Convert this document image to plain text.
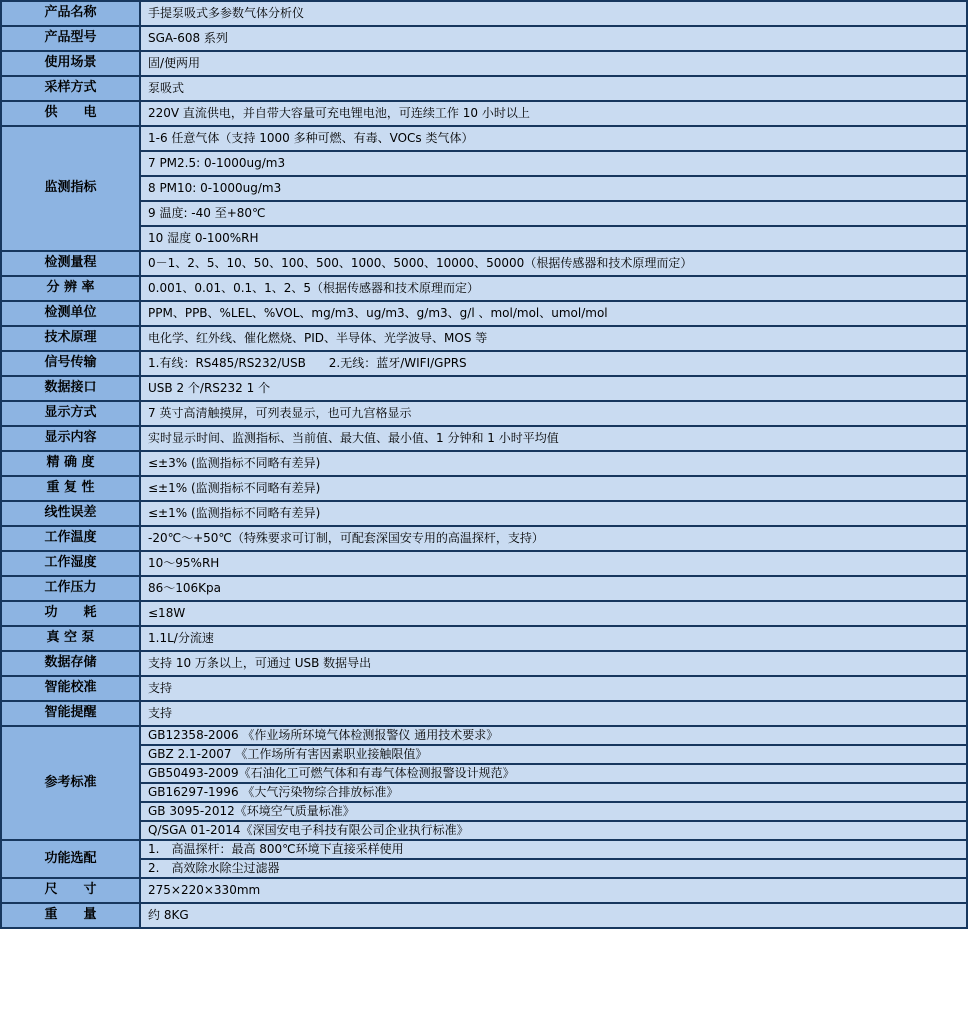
产品名称	手提泵吸式多参数气体分析仪
产品型号	SGA-608 系列
使用场景	固/便两用
采样方式	泵吸式
供　　电	220V 直流供电，并自带大容量可充电锂电池，可连续工作 10 小时以上
监测指标	1-6 任意气体（支持 1000 多种可燃、有毒、VOCs 类气体）
	7 PM2.5: 0-1000ug/m3
	8 PM10: 0-1000ug/m3
	9 温度: -40 至+80℃
	10 湿度 0-100%RH
检测量程	0－1、2、5、10、50、100、500、1000、5000、10000、50000（根据传感器和技术原理而定）
分 辨 率	0.001、0.01、0.1、1、2、5（根据传感器和技术原理而定）
检测单位	PPM、PPB、%LEL、%VOL、mg/m3、ug/m3、g/m3、g/l 、mol/mol、umol/mol
技术原理	电化学、红外线、催化燃烧、PID、半导体、光学波导、MOS 等
信号传输	1.有线：RS485/RS232/USB      2.无线：蓝牙/WIFI/GPRS
数据接口	USB 2 个/RS232 1 个
显示方式	7 英寸高清触摸屏，可列表显示，也可九宫格显示
显示内容	实时显示时间、监测指标、当前值、最大值、最小值、1 分钟和 1 小时平均值
精 确 度	≤±3% (监测指标不同略有差异)
重 复 性	≤±1% (监测指标不同略有差异)
线性误差	≤±1% (监测指标不同略有差异)
工作温度	-20℃～+50℃（特殊要求可订制，可配套深国安专用的高温探杆，支持）
工作湿度	10～95%RH
工作压力	86～106Kpa
功　　耗	≤18W
真 空 泵	1.1L/分流速
数据存储	支持 10 万条以上，可通过 USB 数据导出
智能校准	支持
智能提醒	支持
参考标准	GB12358-2006 《作业场所环境气体检测报警仪 通用技术要求》
	GBZ 2.1-2007 《工作场所有害因素职业接触限值》
	GB50493-2009《石油化工可燃气体和有毒气体检测报警设计规范》
	GB16297-1996 《大气污染物综合排放标准》
	GB 3095-2012《环境空气质量标准》
	Q/SGA 01-2014《深国安电子科技有限公司企业执行标准》
功能选配	1.　高温探杆：最高 800℃环境下直接采样使用
	2.　高效除水除尘过滤器
尺　　寸	275×220×330mm
重　　量	约 8KG
